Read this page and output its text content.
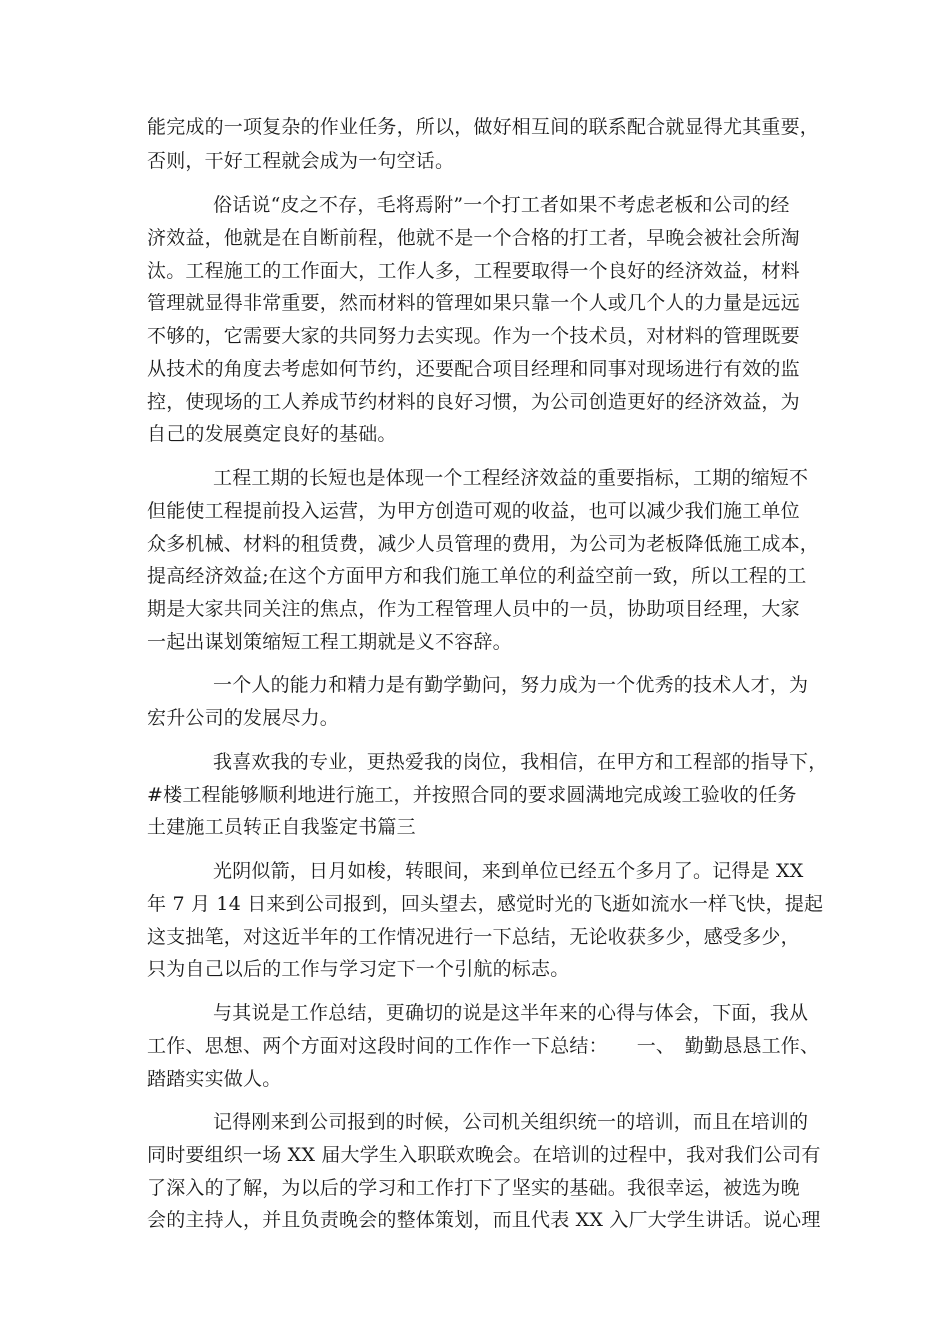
能完成的一项复杂的作业任务，所以，做好相互间的联系配合就显得尤其重要，
否则，干好工程就会成为一句空话。
俗话说“皮之不存，毛将焉附”一个打工者如果不考虑老板和公司的经
济效益，他就是在自断前程，他就不是一个合格的打工者，早晚会被社会所淘
汰。工程施工的工作面大，工作人多，工程要取得一个良好的经济效益，材料
管理就显得非常重要，然而材料的管理如果只靠一个人或几个人的力量是远远
不够的，它需要大家的共同努力去实现。作为一个技术员，对材料的管理既要
从技术的角度去考虑如何节约，还要配合项目经理和同事对现场进行有效的监
控，使现场的工人养成节约材料的良好习惯，为公司创造更好的经济效益，为
自己的发展奠定良好的基础。
工程工期的长短也是体现一个工程经济效益的重要指标，工期的缩短不
但能使工程提前投入运营，为甲方创造可观的收益，也可以减少我们施工单位
众多机械、材料的租赁费，减少人员管理的费用，为公司为老板降低施工成本，
提高经济效益;在这个方面甲方和我们施工单位的利益空前一致，所以工程的工
期是大家共同关注的焦点，作为工程管理人员中的一员，协助项目经理，大家
一起出谋划策缩短工程工期就是义不容辞。
一个人的能力和精力是有勤学勤问，努力成为一个优秀的技术人才，为
宏升公司的发展尽力。
我喜欢我的专业，更热爱我的岗位，我相信，在甲方和工程部的指导下，
#楼工程能够顺利地进行施工，并按照合同的要求圆满地完成竣工验收的任务
土建施工员转正自我鉴定书篇三
光阴似箭，日月如梭，转眼间，来到单位已经五个多月了。记得是 XX
年 7 月 14 日来到公司报到，回头望去，感觉时光的飞逝如流水一样飞快，提起
这支拙笔，对这近半年的工作情况进行一下总结，无论收获多少，感受多少，
只为自己以后的工作与学习定下一个引航的标志。
与其说是工作总结，更确切的说是这半年来的心得与体会，下面，我从
工作、思想、两个方面对这段时间的工作作一下总结：　　一、　勤勤恳恳工作、
踏踏实实做人。
记得刚来到公司报到的时候，公司机关组织统一的培训，而且在培训的
同时要组织一场 XX 届大学生入职联欢晚会。在培训的过程中，我对我们公司有
了深入的了解，为以后的学习和工作打下了坚实的基础。我很幸运，被选为晚
会的主持人，并且负责晚会的整体策划，而且代表 XX 入厂大学生讲话。说心理
